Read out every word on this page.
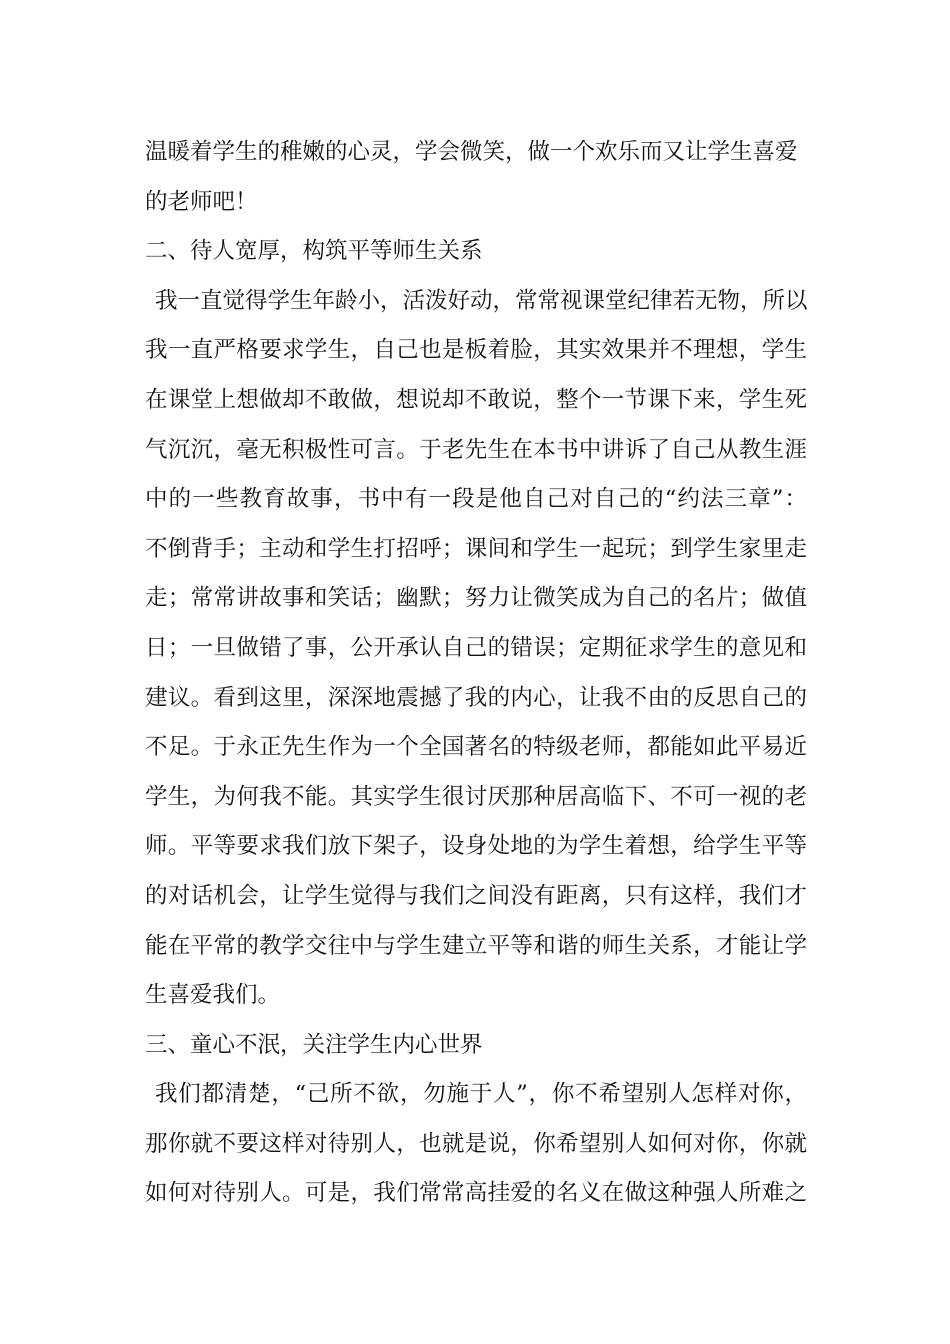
温暖着学生的稚嫩的心灵，学会微笑，做一个欢乐而又让学生喜爱
的老师吧！
二、待人宽厚，构筑平等师生关系
我一直觉得学生年龄小，活泼好动，常常视课堂纪律若无物，所以
我一直严格要求学生，自己也是板着脸，其实效果并不理想，学生
在课堂上想做却不敢做，想说却不敢说，整个一节课下来，学生死
气沉沉，毫无积极性可言。于老先生在本书中讲诉了自己从教生涯
中的一些教育故事，书中有一段是他自己对自己的“约法三章”：
不倒背手；主动和学生打招呼；课间和学生一起玩；到学生家里走
走；常常讲故事和笑话；幽默；努力让微笑成为自己的名片；做值
日；一旦做错了事，公开承认自己的错误；定期征求学生的意见和
建议。看到这里，深深地震撼了我的内心，让我不由的反思自己的
不足。于永正先生作为一个全国著名的特级老师，都能如此平易近
学生，为何我不能。其实学生很讨厌那种居高临下、不可一视的老
师。平等要求我们放下架子，设身处地的为学生着想，给学生平等
的对话机会，让学生觉得与我们之间没有距离，只有这样，我们才
能在平常的教学交往中与学生建立平等和谐的师生关系，才能让学
生喜爱我们。
三、童心不泯，关注学生内心世界
我们都清楚，“己所不欲，勿施于人”，你不希望别人怎样对你，
那你就不要这样对待别人，也就是说，你希望别人如何对你，你就
如何对待别人。可是，我们常常高挂爱的名义在做这种强人所难之
